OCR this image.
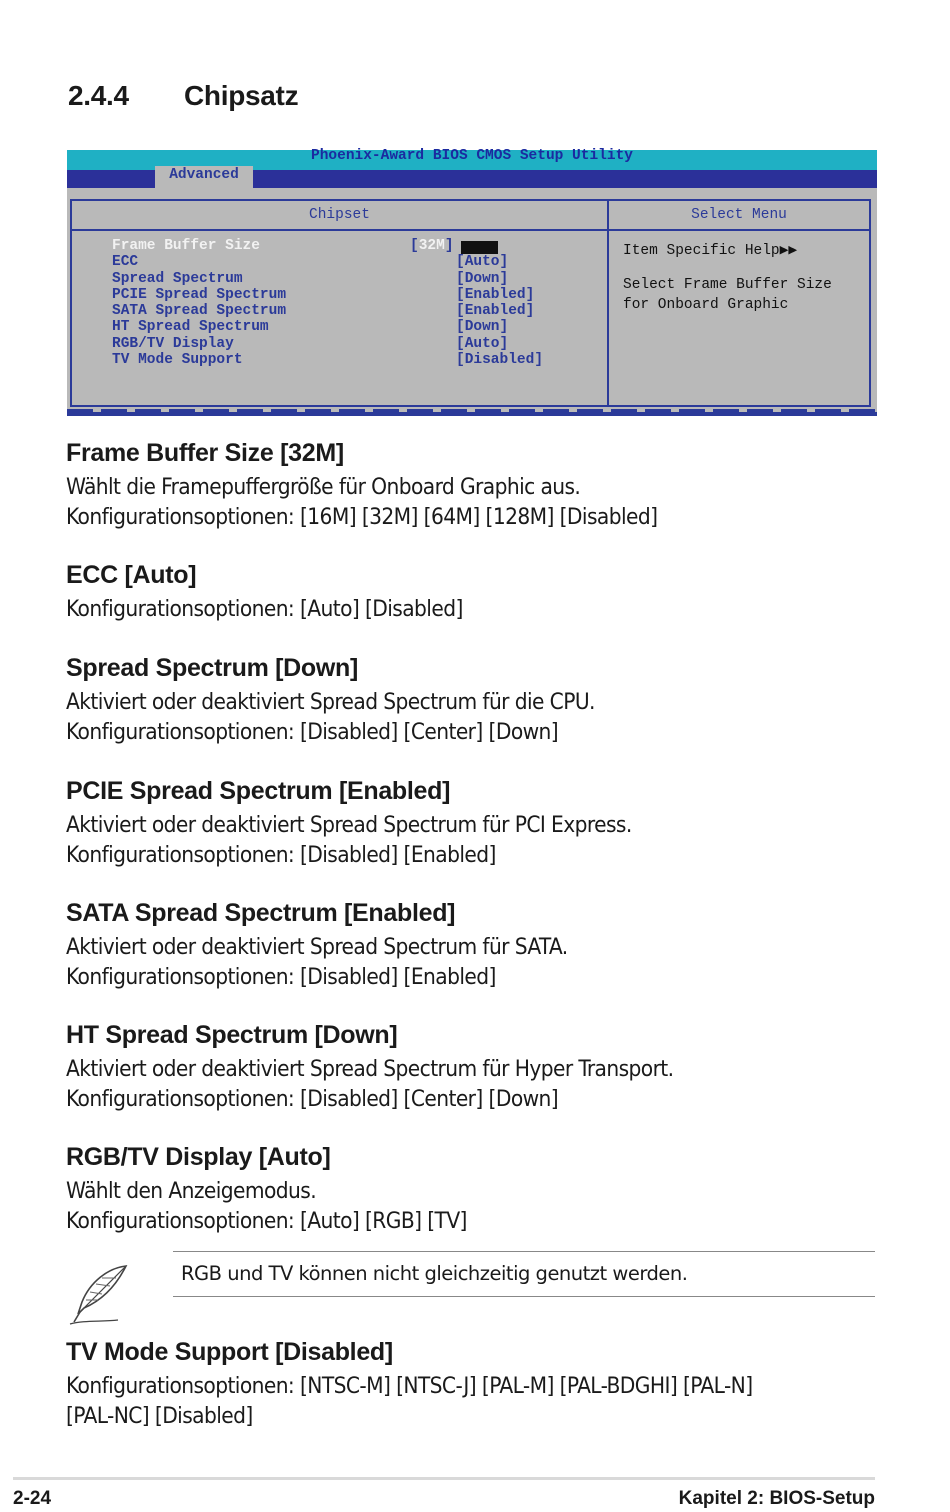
2.4.4 Chipsatz
Phoenix-Award BIOS CMOS Setup Utility
Advanced
Chipset
Frame Buffer Size	[32M]
ECC	[Auto]
Spread Spectrum	[Down]
PCIE Spread Spectrum	[Enabled]
SATA Spread Spectrum	[Enabled]
HT Spread Spectrum	[Down]
RGB/TV Display	[Auto]
TV Mode Support	[Disabled]
Select Menu
Item Specific Help▶▶

Select Frame Buffer Size
for Onboard Graphic
Frame Buffer Size [32M]

Wählt die Framepuffergröße für Onboard Graphic aus.
Konfigurationsoptionen: [16M] [32M] [64M] [128M] [Disabled]

ECC [Auto]

Konfigurationsoptionen: [Auto] [Disabled]

Spread Spectrum [Down]

Aktiviert oder deaktiviert Spread Spectrum für die CPU.
Konfigurationsoptionen: [Disabled] [Center] [Down]

PCIE Spread Spectrum [Enabled]

Aktiviert oder deaktiviert Spread Spectrum für PCI Express.
Konfigurationsoptionen: [Disabled] [Enabled]

SATA Spread Spectrum [Enabled]

Aktiviert oder deaktiviert Spread Spectrum für SATA.
Konfigurationsoptionen: [Disabled] [Enabled]

HT Spread Spectrum [Down]

Aktiviert oder deaktiviert Spread Spectrum für Hyper Transport.
Konfigurationsoptionen: [Disabled] [Center] [Down]

RGB/TV Display [Auto]

Wählt den Anzeigemodus.
Konfigurationsoptionen: [Auto] [RGB] [TV]

RGB und TV können nicht gleichzeitig genutzt werden.
TV Mode Support [Disabled]

Konfigurationsoptionen: [NTSC-M] [NTSC-J] [PAL-M] [PAL-BDGHI] [PAL-N]
[PAL-NC] [Disabled]

2-24	Kapitel 2: BIOS-Setup
